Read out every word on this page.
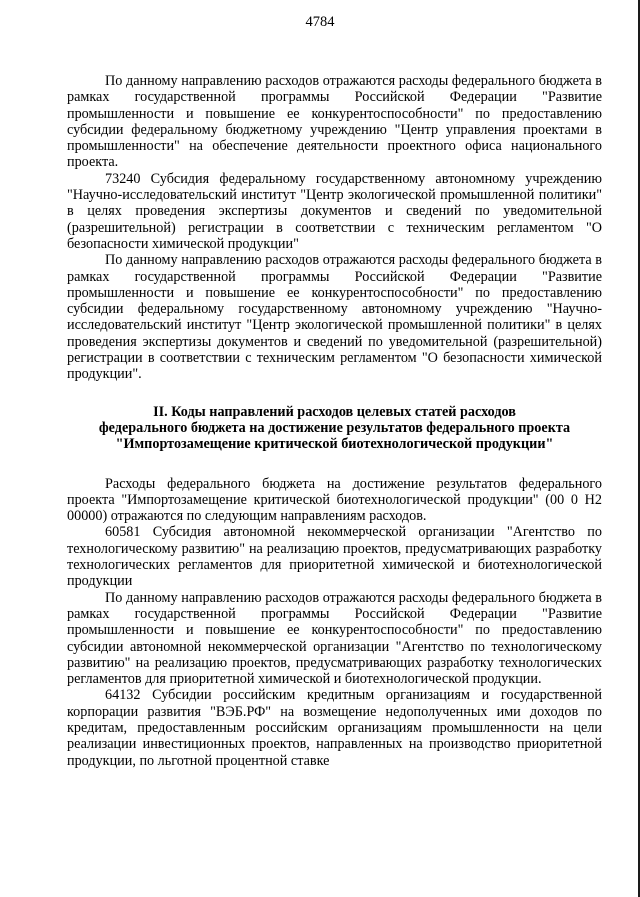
4784

По данному направлению расходов отражаются расходы федерального бюджета в рамках государственной программы Российской Федерации "Развитие промышленности и повышение ее конкурентоспособности" по предоставлению субсидии федеральному бюджетному учреждению "Центр управления проектами в промышленности" на обеспечение деятельности проектного офиса национального проекта.

73240 Субсидия федеральному государственному автономному учреждению "Научно-исследовательский институт "Центр экологической промышленной политики" в целях проведения экспертизы документов и сведений по уведомительной (разрешительной) регистрации в соответствии с техническим регламентом "О безопасности химической продукции"

По данному направлению расходов отражаются расходы федерального бюджета в рамках государственной программы Российской Федерации "Развитие промышленности и повышение ее конкурентоспособности" по предоставлению субсидии федеральному государственному автономному учреждению "Научно-исследовательский институт "Центр экологической промышленной политики" в целях проведения экспертизы документов и сведений по уведомительной (разрешительной) регистрации в соответствии с техническим регламентом "О безопасности химической продукции".

II. Коды направлений расходов целевых статей расходов
федерального бюджета на достижение результатов федерального проекта
"Импортозамещение критической биотехнологической продукции"

Расходы федерального бюджета на достижение результатов федерального проекта "Импортозамещение критической биотехнологической продукции" (00 0 Н2 00000) отражаются по следующим направлениям расходов.

60581 Субсидия автономной некоммерческой организации "Агентство по технологическому развитию" на реализацию проектов, предусматривающих разработку технологических регламентов для приоритетной химической и биотехнологической продукции

По данному направлению расходов отражаются расходы федерального бюджета в рамках государственной программы Российской Федерации "Развитие промышленности и повышение ее конкурентоспособности" по предоставлению субсидии автономной некоммерческой организации "Агентство по технологическому развитию" на реализацию проектов, предусматривающих разработку технологических регламентов для приоритетной химической и биотехнологической продукции.

64132 Субсидии российским кредитным организациям и государственной корпорации развития "ВЭБ.РФ" на возмещение недополученных ими доходов по кредитам, предоставленным российским организациям промышленности на цели реализации инвестиционных проектов, направленных на производство приоритетной продукции, по льготной процентной ставке
